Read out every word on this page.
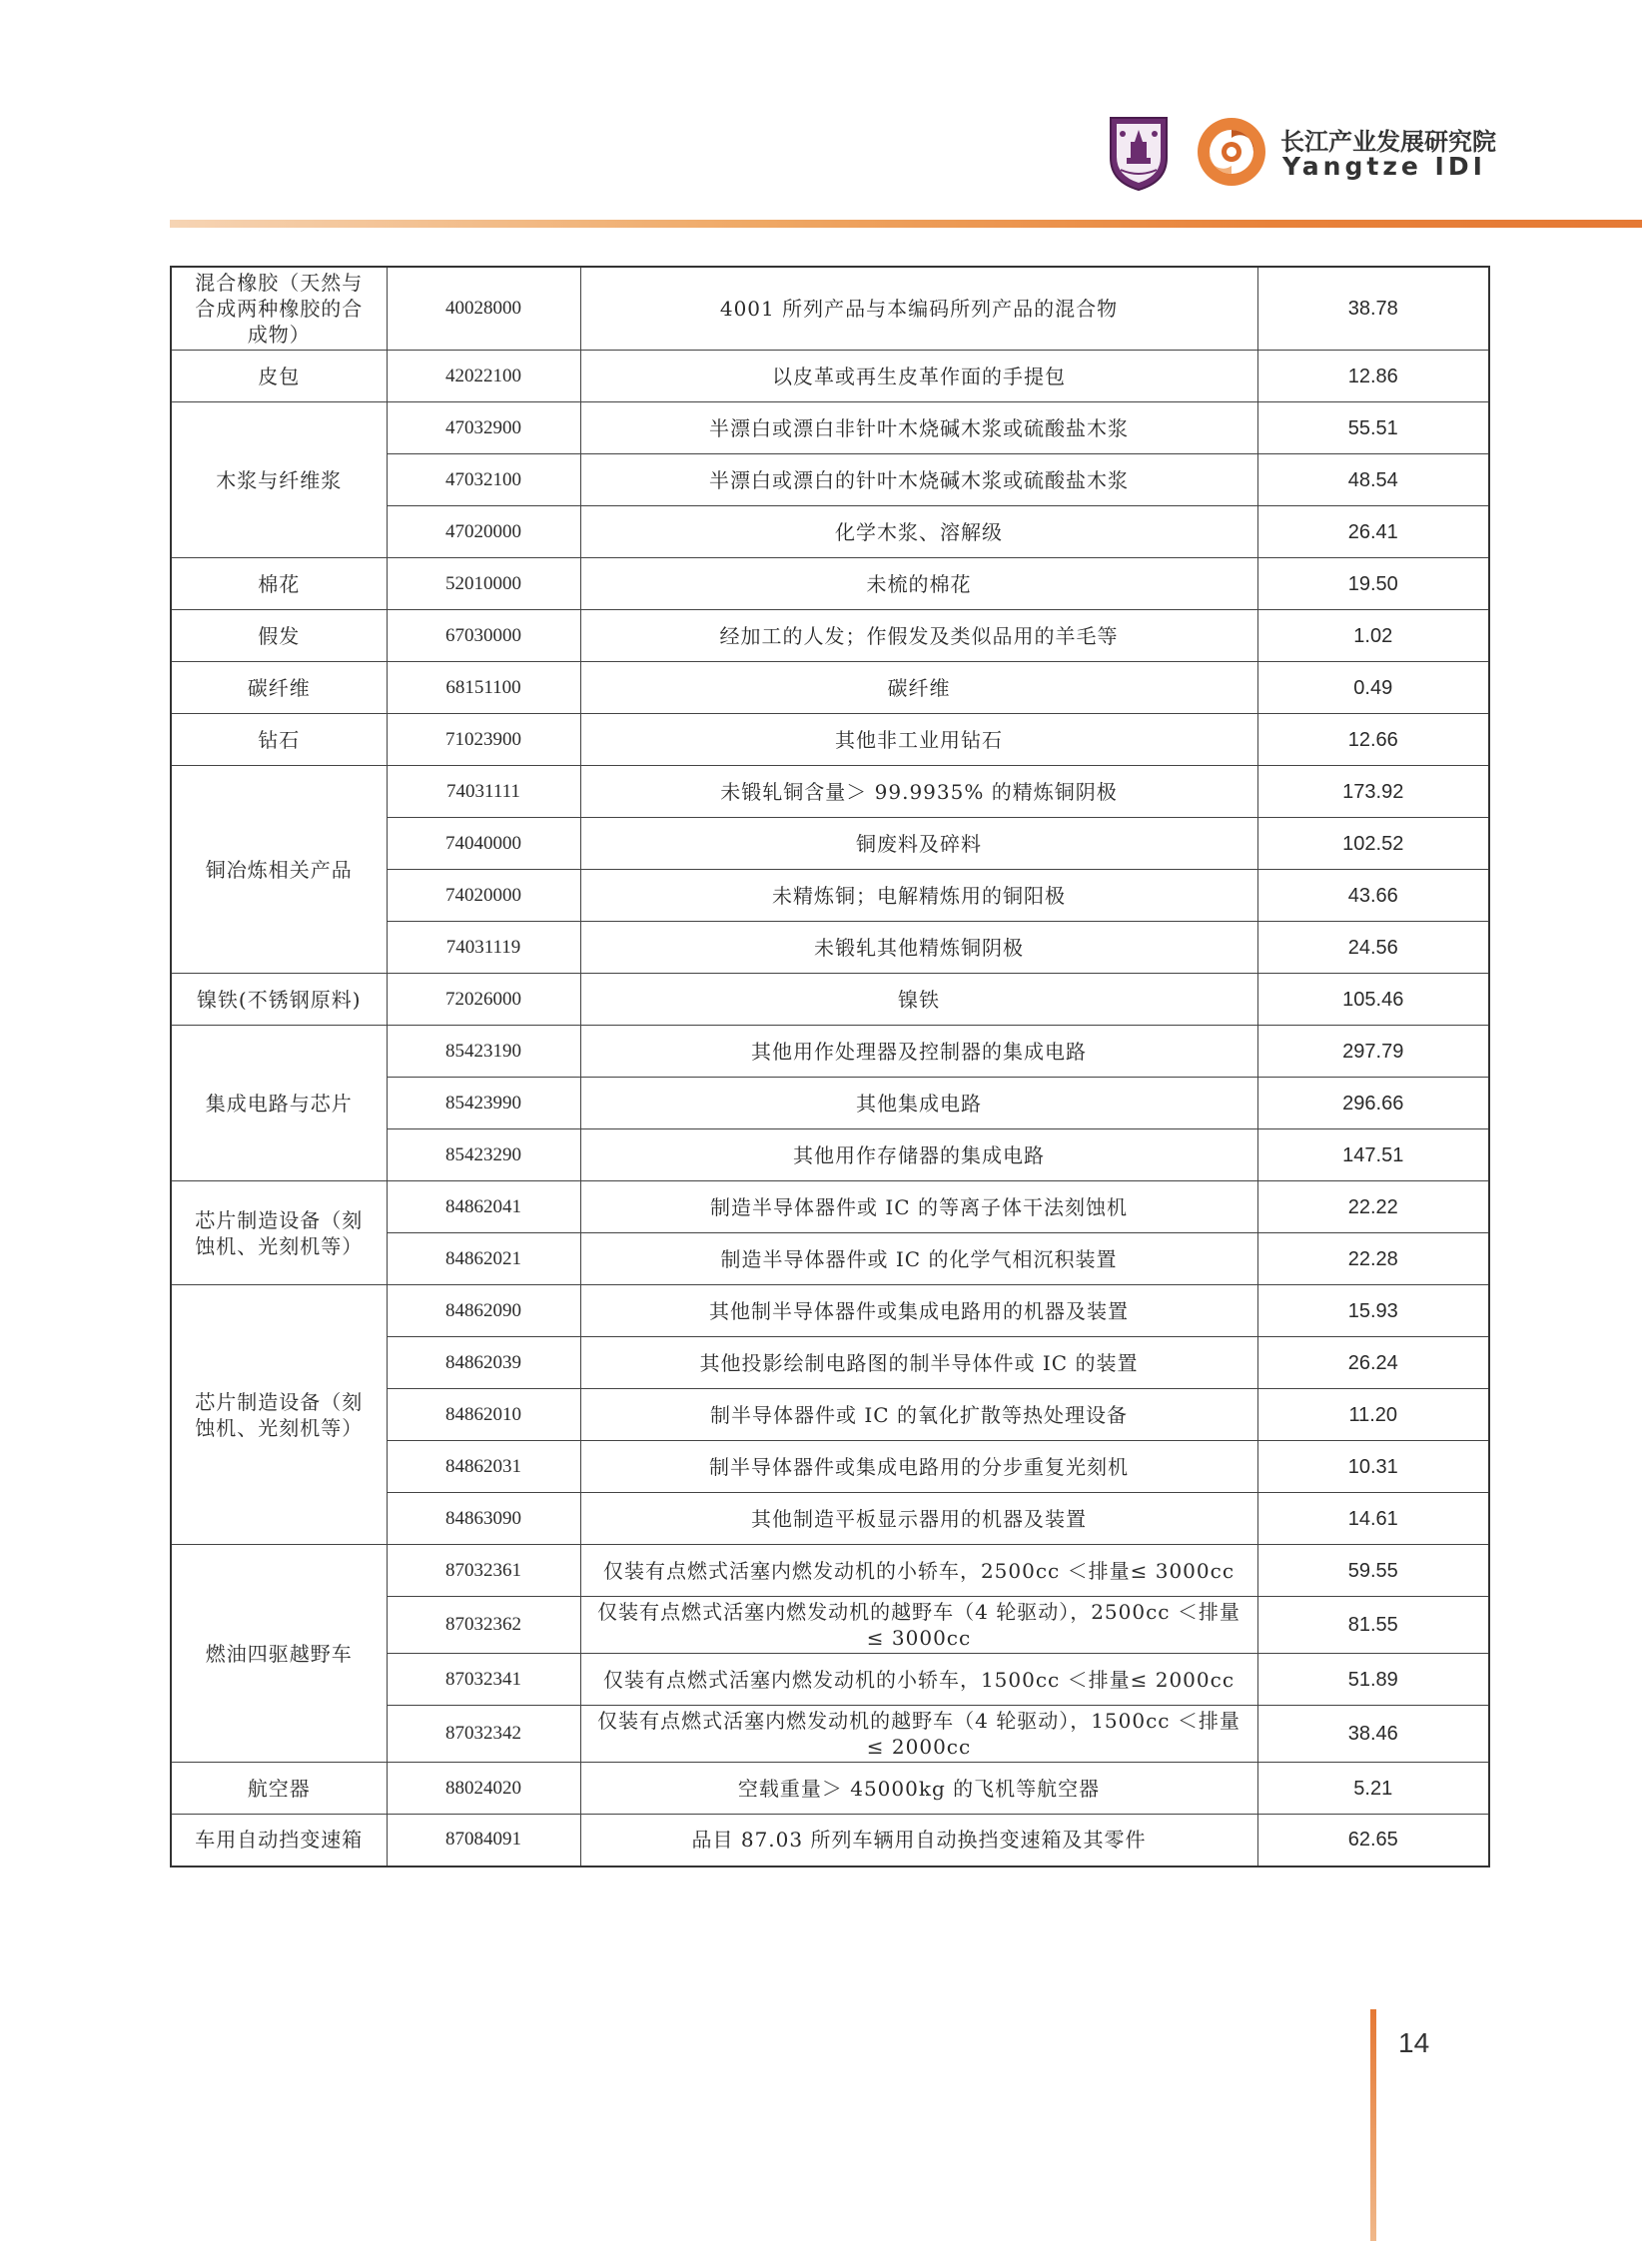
长江产业发展研究院
Yangtze IDI
混合橡胶（天然与合成两种橡胶的合成物）	40028000	4001 所列产品与本编码所列产品的混合物	38.78
皮包	42022100	以皮革或再生皮革作面的手提包	12.86
木浆与纤维浆	47032900	半漂白或漂白非针叶木烧碱木浆或硫酸盐木浆	55.51
	47032100	半漂白或漂白的针叶木烧碱木浆或硫酸盐木浆	48.54
	47020000	化学木浆、溶解级	26.41
棉花	52010000	未梳的棉花	19.50
假发	67030000	经加工的人发；作假发及类似品用的羊毛等	1.02
碳纤维	68151100	碳纤维	0.49
钻石	71023900	其他非工业用钻石	12.66
铜冶炼相关产品	74031111	未锻轧铜含量＞ 99.9935% 的精炼铜阴极	173.92
	74040000	铜废料及碎料	102.52
	74020000	未精炼铜；电解精炼用的铜阳极	43.66
	74031119	未锻轧其他精炼铜阴极	24.56
镍铁(不锈钢原料)	72026000	镍铁	105.46
集成电路与芯片	85423190	其他用作处理器及控制器的集成电路	297.79
	85423990	其他集成电路	296.66
	85423290	其他用作存储器的集成电路	147.51
芯片制造设备（刻蚀机、光刻机等）	84862041	制造半导体器件或 IC 的等离子体干法刻蚀机	22.22
	84862021	制造半导体器件或 IC 的化学气相沉积装置	22.28
芯片制造设备（刻蚀机、光刻机等）	84862090	其他制半导体器件或集成电路用的机器及装置	15.93
	84862039	其他投影绘制电路图的制半导体件或 IC 的装置	26.24
	84862010	制半导体器件或 IC 的氧化扩散等热处理设备	11.20
	84862031	制半导体器件或集成电路用的分步重复光刻机	10.31
	84863090	其他制造平板显示器用的机器及装置	14.61
燃油四驱越野车	87032361	仅装有点燃式活塞内燃发动机的小轿车，2500cc ＜排量≤ 3000cc	59.55
	87032362	仅装有点燃式活塞内燃发动机的越野车（4 轮驱动），2500cc ＜排量≤ 3000cc	81.55
	87032341	仅装有点燃式活塞内燃发动机的小轿车，1500cc ＜排量≤ 2000cc	51.89
	87032342	仅装有点燃式活塞内燃发动机的越野车（4 轮驱动），1500cc ＜排量≤ 2000cc	38.46
航空器	88024020	空载重量＞ 45000kg 的飞机等航空器	5.21
车用自动挡变速箱	87084091	品目 87.03 所列车辆用自动换挡变速箱及其零件	62.65
14
